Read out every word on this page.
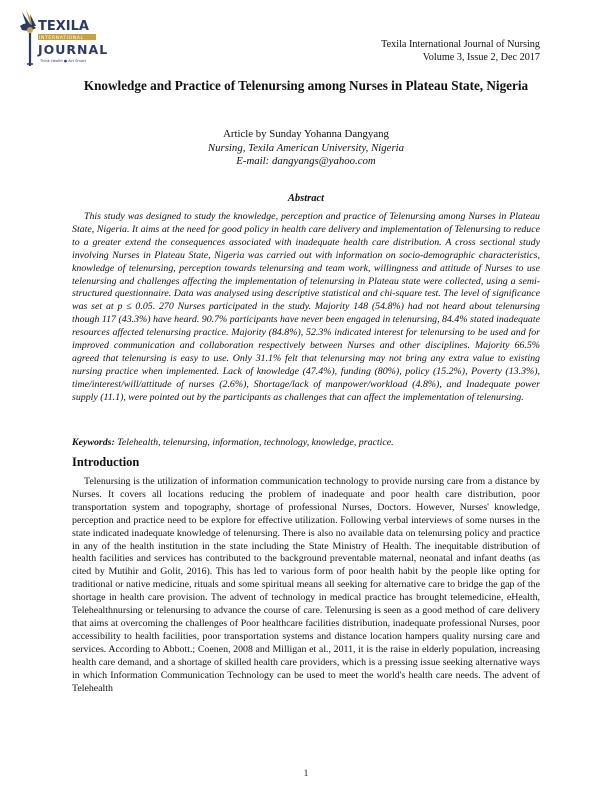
TEXILA
INTERNATIONAL
JOURNAL
Think Health ● Act Smart
Texila International Journal of Nursing
Volume 3, Issue 2, Dec 2017
Knowledge and Practice of Telenursing among Nurses in Plateau State, Nigeria
Article by Sunday Yohanna Dangyang
Nursing, Texila American University, Nigeria
E-mail: dangyangs@yahoo.com
Abstract

This study was designed to study the knowledge, perception and practice of Telenursing among Nurses in Plateau State, Nigeria. It aims at the need for good policy in health care delivery and implementation of Telenursing to reduce to a greater extend the consequences associated with inadequate health care distribution. A cross sectional study involving Nurses in Plateau State, Nigeria was carried out with information on socio-demographic characteristics, knowledge of telenursing, perception towards telenursing and team work, willingness and attitude of Nurses to use telenursing and challenges affecting the implementation of telenursing in Plateau state were collected, using a semi-structured questionnaire. Data was analysed using descriptive statistical and chi-square test. The level of significance was set at p ≤ 0.05. 270 Nurses participated in the study. Majority 148 (54.8%) had not heard about telenursing though 117 (43.3%) have heard. 90.7% participants have never been engaged in telenursing, 84.4% stated inadequate resources affected telenursing practice. Majority (84.8%), 52.3% indicated interest for telenursing to be used and for improved communication and collaboration respectively between Nurses and other disciplines. Majority 66.5% agreed that telenursing is easy to use. Only 31.1% felt that telenursing may not bring any extra value to existing nursing practice when implemented. Lack of knowledge (47.4%), funding (80%), policy (15.2%), Poverty (13.3%), time/interest/will/attitude of nurses (2.6%), Shortage/lack of manpower/workload (4.8%), and Inadequate power supply (11.1), were pointed out by the participants as challenges that can affect the implementation of telenursing.

Keywords: Telehealth, telenursing, information, technology, knowledge, practice.

Introduction

Telenursing is the utilization of information communication technology to provide nursing care from a distance by Nurses. It covers all locations reducing the problem of inadequate and poor health care distribution, poor transportation system and topography, shortage of professional Nurses, Doctors. However, Nurses' knowledge, perception and practice need to be explore for effective utilization. Following verbal interviews of some nurses in the state indicated inadequate knowledge of telenursing. There is also no available data on telenursing policy and practice in any of the health institution in the state including the State Ministry of Health. The inequitable distribution of health facilities and services has contributed to the background preventable maternal, neonatal and infant deaths (as cited by Mutihir and Golit, 2016). This has led to various form of poor health habit by the people like opting for traditional or native medicine, rituals and some spiritual means all seeking for alternative care to bridge the gap of the shortage in health care provision. The advent of technology in medical practice has brought telemedicine, eHealth, Telehealthnursing or telenursing to advance the course of care. Telenursing is seen as a good method of care delivery that aims at overcoming the challenges of Poor healthcare facilities distribution, inadequate professional Nurses, poor accessibility to health facilities, poor transportation systems and distance location hampers quality nursing care and services. According to Abbott.; Coenen, 2008 and Milligan et al., 2011, it is the raise in elderly population, increasing health care demand, and a shortage of skilled health care providers, which is a pressing issue seeking alternative ways in which Information Communication Technology can be used to meet the world's health care needs. The advent of Telehealth

1
